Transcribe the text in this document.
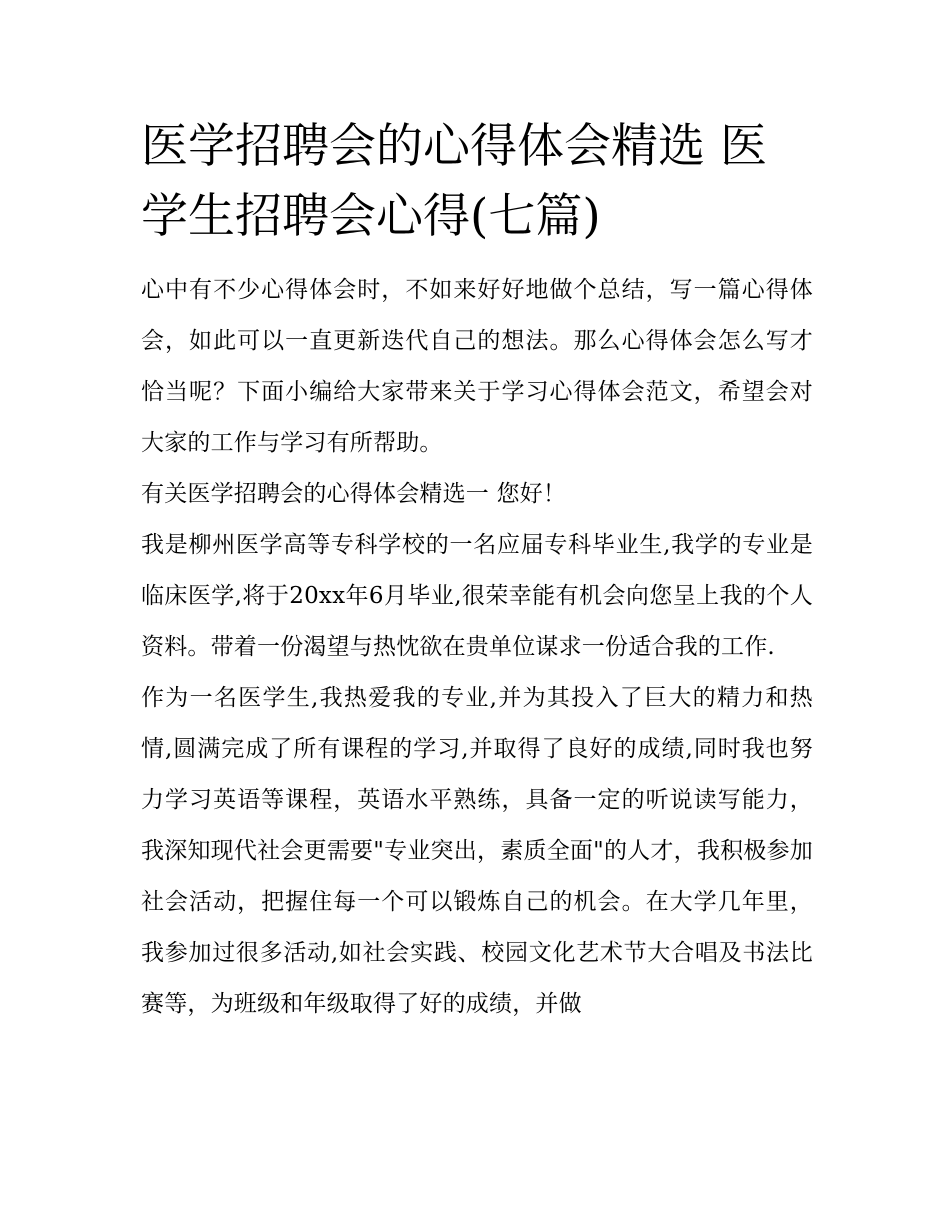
医学招聘会的心得体会精选 医学生招聘会心得(七篇)

心中有不少心得体会时，不如来好好地做个总结，写一篇心得体会，如此可以一直更新迭代自己的想法。那么心得体会怎么写才恰当呢？下面小编给大家带来关于学习心得体会范文，希望会对大家的工作与学习有所帮助。

有关医学招聘会的心得体会精选一 您好！

我是柳州医学高等专科学校的一名应届专科毕业生,我学的专业是临床医学,将于20xx年6月毕业,很荣幸能有机会向您呈上我的个人资料。带着一份渴望与热忱欲在贵单位谋求一份适合我的工作.

作为一名医学生,我热爱我的专业,并为其投入了巨大的精力和热情,圆满完成了所有课程的学习,并取得了良好的成绩,同时我也努力学习英语等课程，英语水平熟练，具备一定的听说读写能力，我深知现代社会更需要"专业突出，素质全面"的人才，我积极参加社会活动，把握住每一个可以锻炼自己的机会。在大学几年里，我参加过很多活动,如社会实践、校园文化艺术节大合唱及书法比赛等，为班级和年级取得了好的成绩，并做
